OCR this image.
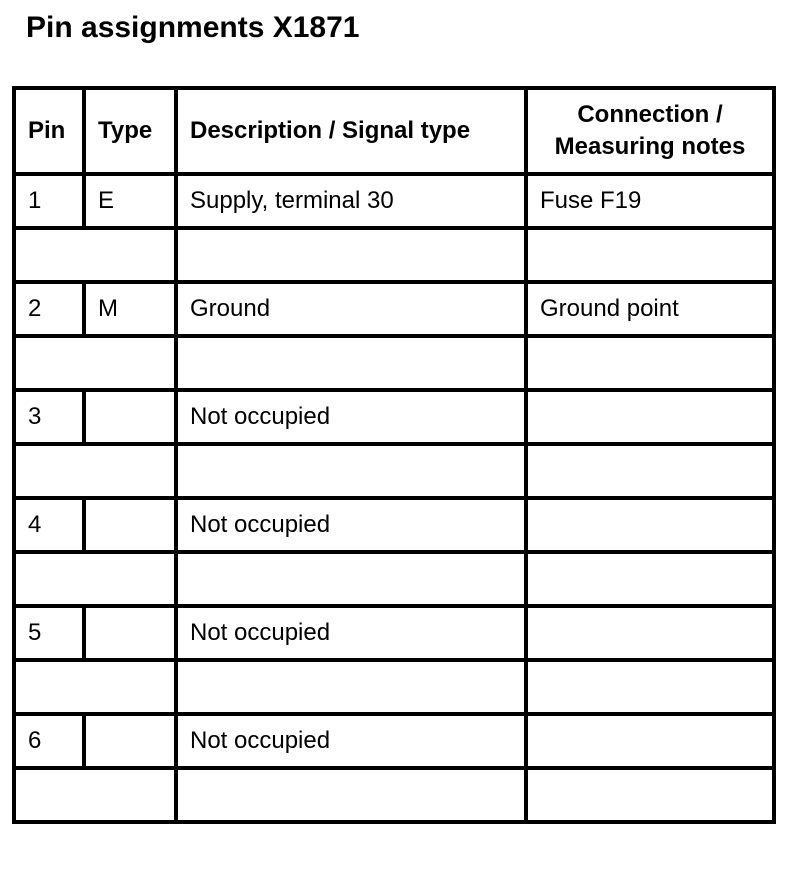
Pin assignments X1871
Pin	Type	Description / Signal type	Connection /
Measuring notes
1	E	Supply, terminal 30	Fuse F19

2	M	Ground	Ground point

3		Not occupied	

4		Not occupied	

5		Not occupied	

6		Not occupied	
